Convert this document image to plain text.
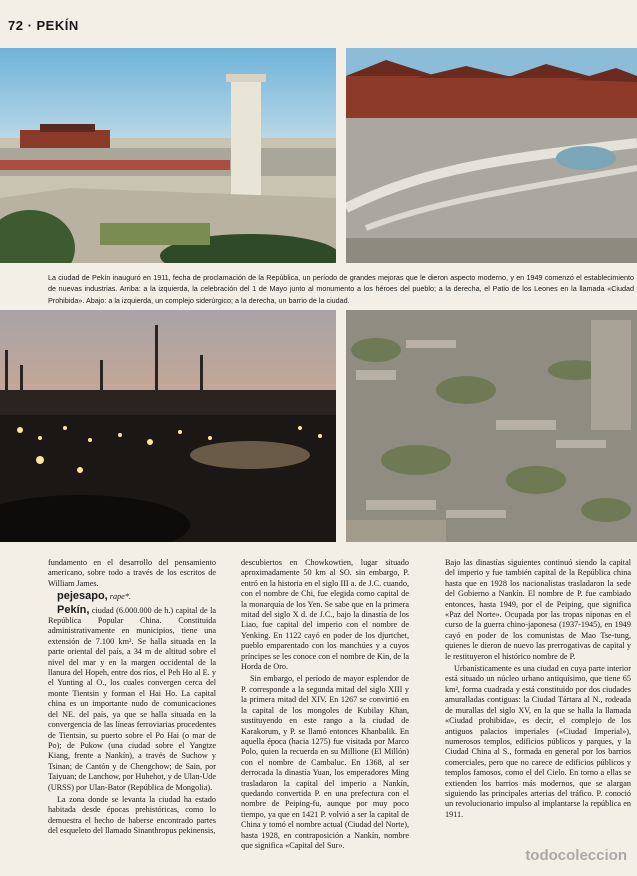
72 · PEKÍN
La ciudad de Pekín inauguró en 1911, fecha de proclamación de la República, un período de grandes mejoras que le dieron aspecto moderno, y en 1949 comenzó el establecimiento de nuevas industrias. Arriba: a la izquierda, la celebración del 1 de Mayo junto al monumento a los héroes del pueblo; a la derecha, el Patio de los Leones en la llamada «Ciudad Prohibida». Abajo: a la izquierda, un complejo siderúrgico; a la derecha, un barrio de la ciudad.

fundamento en el desarrollo del pensamiento americano, sobre todo a través de los escritos de William James.

pejesapo, rape*.

Pekín, ciudad (6.000.000 de h.) capital de la República Popular China. Constituida administrativamente en municipios, tiene una extensión de 7.100 km². Se halla situada en la parte oriental del país, a 34 m de altitud sobre el nivel del mar y en la margen occidental de la llanura del Hopeh, entre dos ríos, el Peh Ho al E. y el Yunting al O., los cuales convergen cerca del monte Tientsin y forman el Hai Ho. La capital china es un importante nudo de comunicaciones del NE. del país, ya que se halla situada en la convergencia de las líneas ferroviarias procedentes de Tientsin, su puerto sobre el Po Hai (o mar de Po); de Pukow (una ciudad sobre el Yangtze Kiang, frente a Nankín), a través de Suchow y Tsinan; de Cantón y de Chengchow; de Sain, por Taiyuan; de Lanchow, por Huhehot, y de Ulan-Ude (URSS) por Ulan-Bator (República de Mongolia).

La zona donde se levanta la ciudad ha estado habitada desde épocas prehistóricas, como lo demuestra el hecho de haberse encontrado partes del esqueleto del llamado Sinanthropus pekinensis,

descubiertos en Chowkowtien, lugar situado aproximadamente 50 km al SO. sin embargo, P. entró en la historia en el siglo III a. de J.C. cuando, con el nombre de Chi, fue elegida como capital de la monarquía de los Yen. Se sabe que en la primera mitad del siglo X d. de J.C., bajo la dinastía de los Liao, fue capital del imperio con el nombre de Yenking. En 1122 cayó en poder de los djurtchet, pueblo emparentado con los manchúes y a cuyos príncipes se les conoce con el nombre de Kin, de la Horda de Oro.

Sin embargo, el período de mayor esplendor de P. corresponde a la segunda mitad del siglo XIII y la primera mitad del XIV. En 1267 se convirtió en la capital de los mongoles de Kubilay Khan, sustituyendo en este rango a la ciudad de Karakorum, y P. se llamó entonces Khanbalik. En aquella época (hacia 1275) fue visitada por Marco Polo, quien la recuerda en su Millione (El Millón) con el nombre de Cambaluc. En 1368, al ser derrocada la dinastía Yuan, los emperadores Ming trasladaron la capital del imperio a Nankín, quedando convertida P. en una prefectura con el nombre de Peiping-fu, aunque por muy poco tiempo, ya que en 1421 P. volvió a ser la capital de China y tomó el nombre actual (Ciudad del Norte), hasta 1928, en contraposición a Nankín, nombre que significa «Capital del Sur».

Bajo las dinastías siguientes continuó siendo la capital del imperio y fue también capital de la República china hasta que en 1928 los nacionalistas trasladaron la sede del Gobierno a Nankín. El nombre de P. fue cambiado entonces, hasta 1949, por el de Peiping, que significa «Paz del Norte». Ocupada por las tropas niponas en el curso de la guerra chino-japonesa (1937-1945), en 1949 cayó en poder de los comunistas de Mao Tse-tung, quienes le dieron de nuevo las prerrogativas de capital y le restituyeron el histórico nombre de P.

Urbanísticamente es una ciudad en cuya parte interior está situado un núcleo urbano antiquísimo, que tiene 65 km², forma cuadrada y está constituido por dos ciudades amuralladas contiguas: la Ciudad Tártara al N., rodeada de murallas del siglo XV, en la que se halla la llamada «Ciudad prohibida», es decir, el complejo de los antiguos palacios imperiales («Ciudad Imperial»), numerosos templos, edificios públicos y parques, y la Ciudad China al S., formada en general por los barrios comerciales, pero que no carece de edificios públicos y templos famosos, como el del Cielo. En torno a ellas se extienden los barrios más modernos, que se alargan siguiendo las principales arterias del tráfico. P. conoció un revolucionario impulso al implantarse la república en 1911.

todocoleccion
